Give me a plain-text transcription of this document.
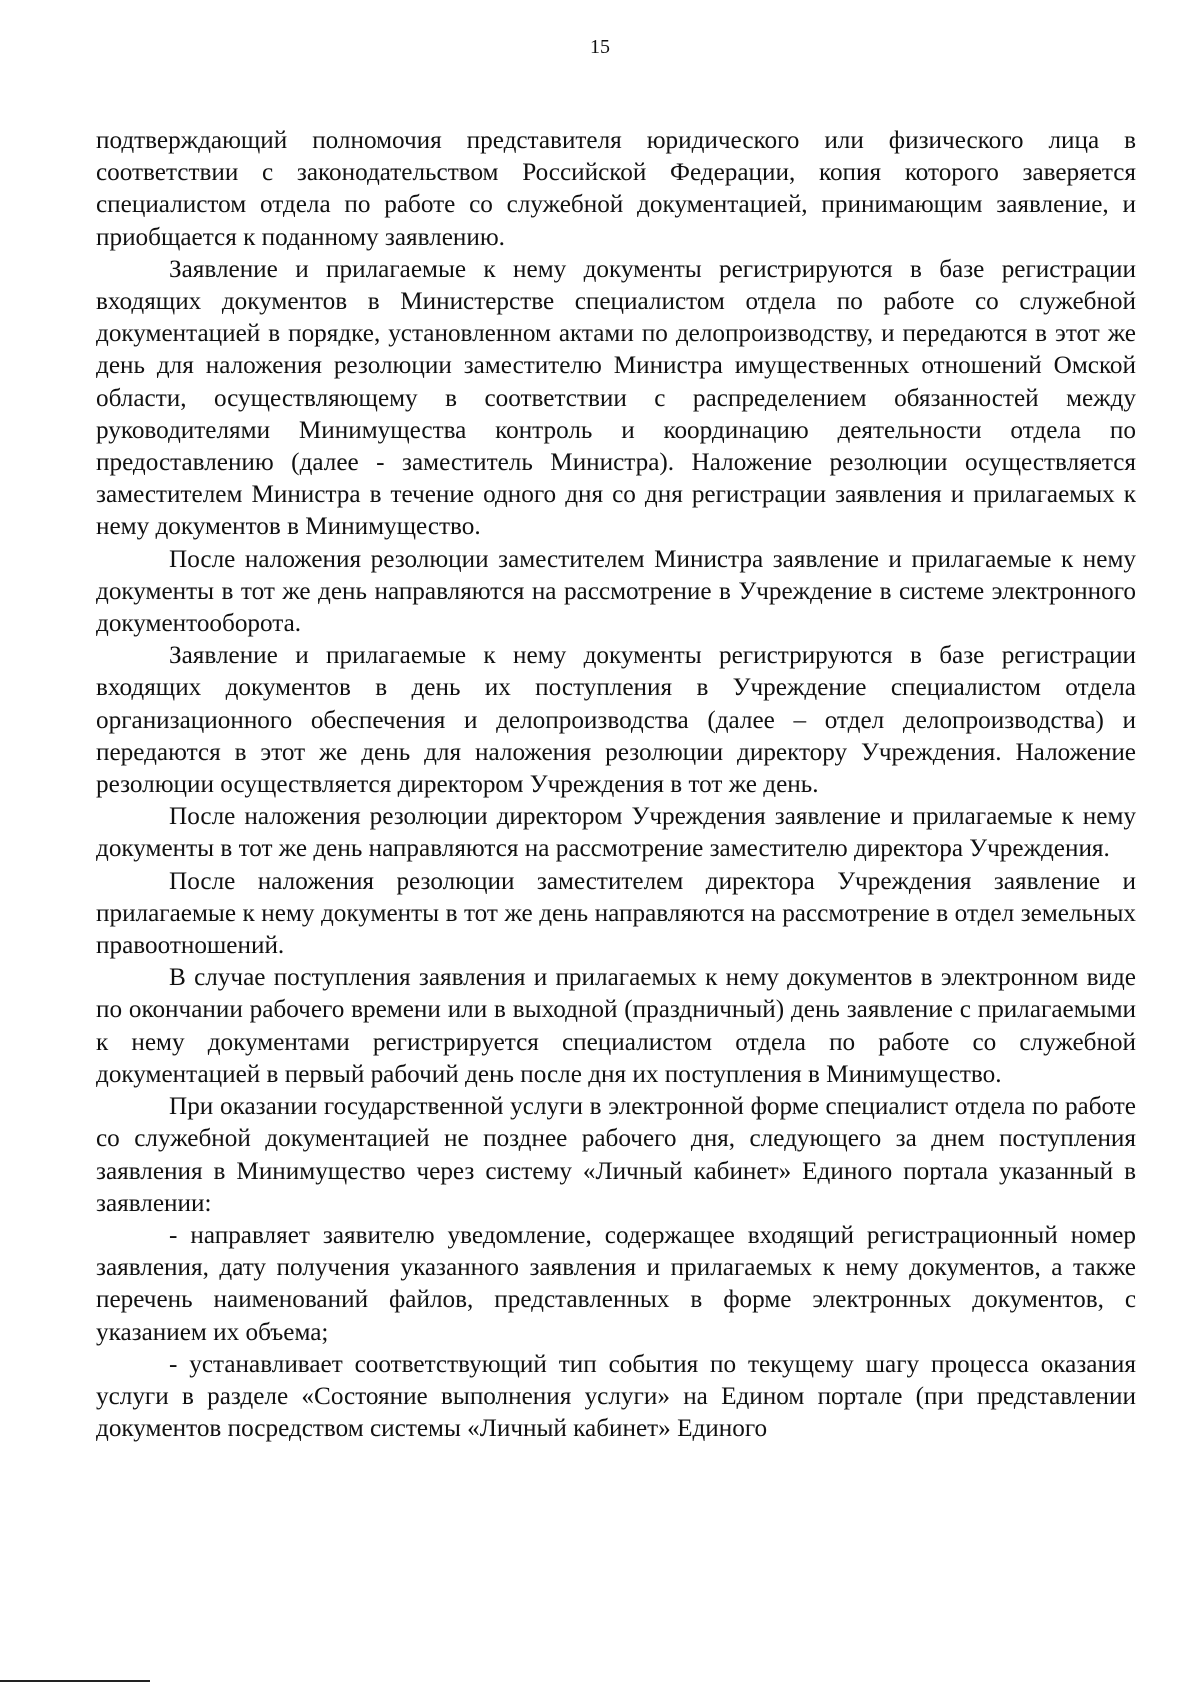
15

подтверждающий полномочия представителя юридического или физического лица в соответствии с законодательством Российской Федерации, копия которого заверяется специалистом отдела по работе со служебной документацией, принимающим заявление, и приобщается к поданному заявлению.

Заявление и прилагаемые к нему документы регистрируются в базе регистрации входящих документов в Министерстве специалистом отдела по работе со служебной документацией в порядке, установленном актами по делопроизводству, и передаются в этот же день для наложения резолюции заместителю Министра имущественных отношений Омской области, осуществляющему в соответствии с распределением обязанностей между руководителями Минимущества контроль и координацию деятельности отдела по предоставлению (далее - заместитель Министра). Наложение резолюции осуществляется заместителем Министра в течение одного дня со дня регистрации заявления и прилагаемых к нему документов в Минимущество.

После наложения резолюции заместителем Министра заявление и прилагаемые к нему документы в тот же день направляются на рассмотрение в Учреждение в системе электронного документооборота.

Заявление и прилагаемые к нему документы регистрируются в базе регистрации входящих документов в день их поступления в Учреждение специалистом отдела организационного обеспечения и делопроизводства (далее – отдел делопроизводства) и передаются в этот же день для наложения резолюции директору Учреждения. Наложение резолюции осуществляется директором Учреждения в тот же день.

После наложения резолюции директором Учреждения заявление и прилагаемые к нему документы в тот же день направляются на рассмотрение заместителю директора Учреждения.

После наложения резолюции заместителем директора Учреждения заявление и прилагаемые к нему документы в тот же день направляются на рассмотрение в отдел земельных правоотношений.

В случае поступления заявления и прилагаемых к нему документов в электронном виде по окончании рабочего времени или в выходной (праздничный) день заявление с прилагаемыми к нему документами регистрируется специалистом отдела по работе со служебной документацией в первый рабочий день после дня их поступления в Минимущество.

При оказании государственной услуги в электронной форме специалист отдела по работе со служебной документацией не позднее рабочего дня, следующего за днем поступления заявления в Минимущество через систему «Личный кабинет» Единого портала указанный в заявлении:

- направляет заявителю уведомление, содержащее входящий регистрационный номер заявления, дату получения указанного заявления и прилагаемых к нему документов, а также перечень наименований файлов, представленных в форме электронных документов, с указанием их объема;

- устанавливает соответствующий тип события по текущему шагу процесса оказания услуги в разделе «Состояние выполнения услуги» на Едином портале (при представлении документов посредством системы «Личный кабинет» Единого
